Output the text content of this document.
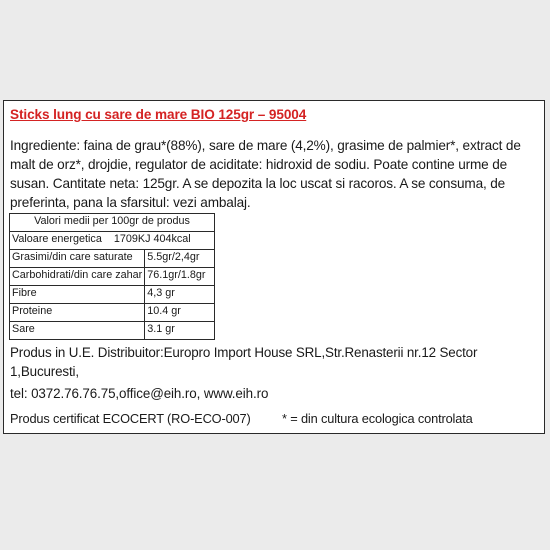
Sticks lung cu sare de mare BIO 125gr – 95004

Ingrediente: faina de grau*(88%), sare de mare (4,2%), grasime de palmier*, extract de malt de orz*, drojdie, regulator de aciditate: hidroxid de sodiu. Poate contine urme de susan. Cantitate neta: 125gr. A se depozita la loc uscat si racoros. A se consuma, de preferinta, pana la sfarsitul: vezi ambalaj.

Valori medii per 100gr de produs	
Valoare energetica 1709KJ 404kcal	
Grasimi/din care saturate	5.5gr/2,4gr
Carbohidrati/din care zahar	76.1gr/1.8gr
Fibre	4,3 gr
Proteine	10.4 gr
Sare	3.1 gr

Produs in U.E. Distribuitor:Europro Import House SRL,Str.Renasterii nr.12 Sector 1,Bucuresti,

tel: 0372.76.76.75,office@eih.ro, www.eih.ro

Produs certificat ECOCERT (RO-ECO-007) * = din cultura ecologica controlata
